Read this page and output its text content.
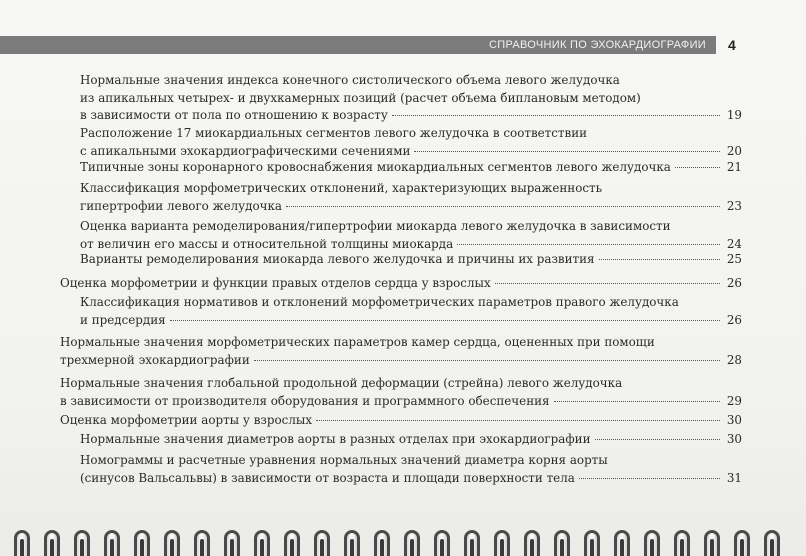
СПРАВОЧНИК ПО ЭХОКАРДИОГРАФИИ 4
Нормальные значения индекса конечного систолического объема левого желудочка
из апикальных четырех- и двухкамерных позиций (расчет объема биплановым методом)
в зависимости от пола по отношению к возрасту	19
Расположение 17 миокардиальных сегментов левого желудочка в соответствии
с апикальными эхокардиографическими сечениями	20
Типичные зоны коронарного кровоснабжения миокардиальных сегментов левого желудочка	21
Классификация морфометрических отклонений, характеризующих выраженность
гипертрофии левого желудочка	23
Оценка варианта ремоделирования/гипертрофии миокарда левого желудочка в зависимости
от величин его массы и относительной толщины миокарда	24
Варианты ремоделирования миокарда левого желудочка и причины их развития	25
Оценка морфометрии и функции правых отделов сердца у взрослых	26
Классификация нормативов и отклонений морфометрических параметров правого желудочка
и предсердия	26
Нормальные значения морфометрических параметров камер сердца, оцененных при помощи
трехмерной эхокардиографии	28
Нормальные значения глобальной продольной деформации (стрейна) левого желудочка
в зависимости от производителя оборудования и программного обеспечения	29
Оценка морфометрии аорты у взрослых	30
Нормальные значения диаметров аорты в разных отделах при эхокардиографии	30
Номограммы и расчетные уравнения нормальных значений диаметра корня аорты
(синусов Вальсальвы) в зависимости от возраста и площади поверхности тела	31
